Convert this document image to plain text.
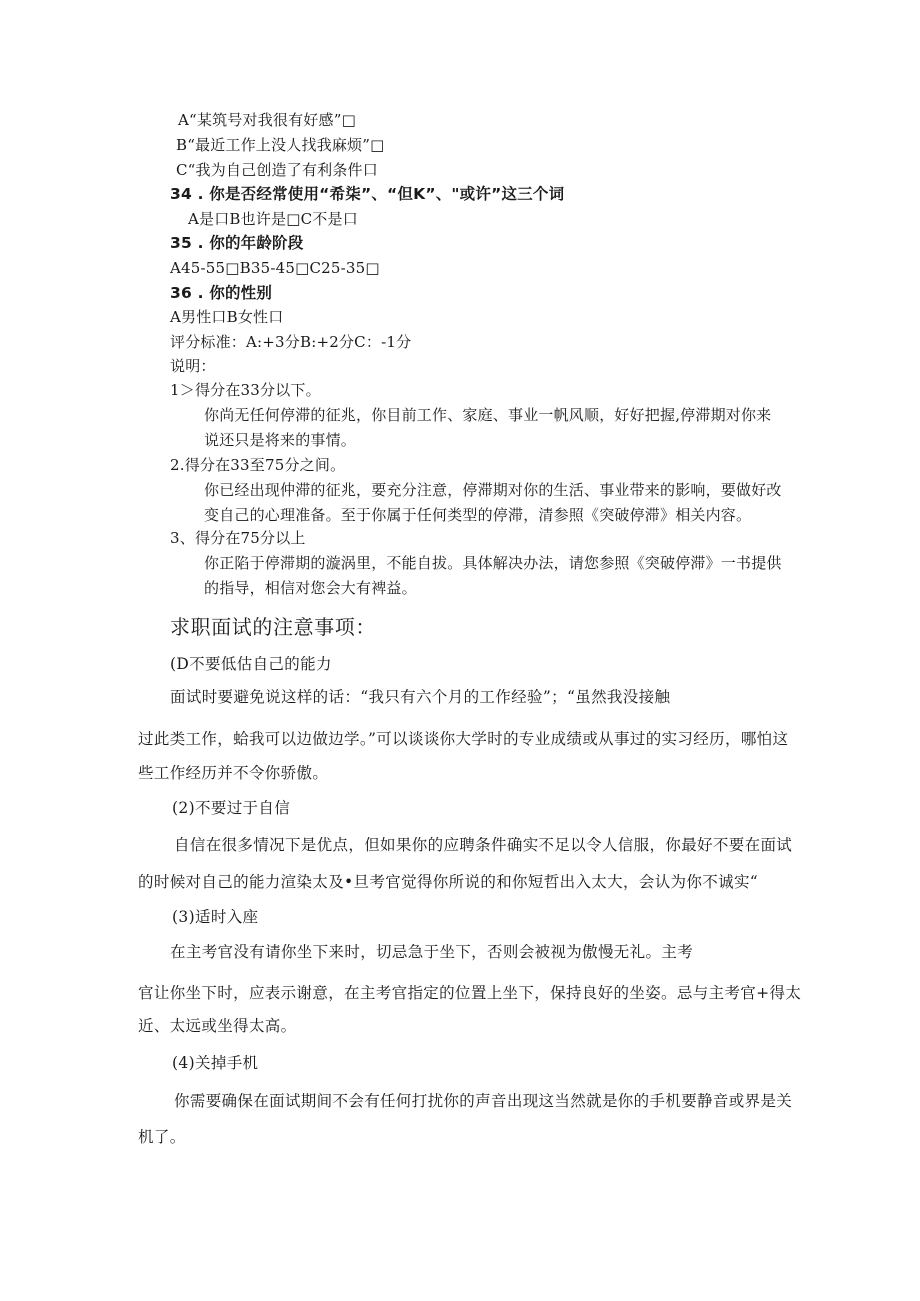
A“某筑号对我很有好感”□
B“最近工作上没人找我麻烦”□
C“我为自己创造了有利条件口
34 . 你是否经常使用“希柒”、“但K”、"或许”这三个词
A是口B也许是□C不是口
35 . 你的年龄阶段
A45-55□B35-45□C25-35□
36 . 你的性别
A男性口B女性口
评分标准：A:+3分B:+2分C：-1分
说明：
1＞得分在33分以下。
你尚无任何停滞的征兆，你目前工作、家庭、事业一帆风顺，好好把握,停滞期对你来
说还只是将来的事情。
2.得分在33至75分之间。
你已经出现仲滞的征兆，要充分注意，停滞期对你的生活、事业带来的影响，要做好改
变自己的心理准备。至于你属于任何类型的停滞，清参照《突破停滞》相关内容。
3、得分在75分以上
你正陷于停滞期的漩涡里，不能自拔。具体解决办法，请您参照《突破停滞》一书提供
的指导，相信对您会大有裨益。
求职面试的注意事项：
(D不要低估自己的能力
面试时要避免说这样的话：“我只有六个月的工作经验”；“虽然我没接触
过此类工作，蛤我可以边做边学。”可以谈谈你大学时的专业成绩或从事过的实习经历，哪怕这
些工作经历并不令你骄傲。
(2)不要过于自信
自信在很多情况下是优点，但如果你的应聘条件确实不足以令人信服，你最好不要在面试
的时候对自己的能力渲染太及•旦考官觉得你所说的和你短哲出入太大，会认为你不诚实“
(3)适时入座
在主考官没有请你坐下来时，切忌急于坐下，否则会被视为傲慢无礼。主考
官让你坐下时，应表示谢意，在主考官指定的位置上坐下，保持良好的坐姿。忌与主考官+得太
近、太远或坐得太高。
(4)关掉手机
你需要确保在面试期间不会有任何打扰你的声音出现这当然就是你的手机要静音或界是关
机了。
